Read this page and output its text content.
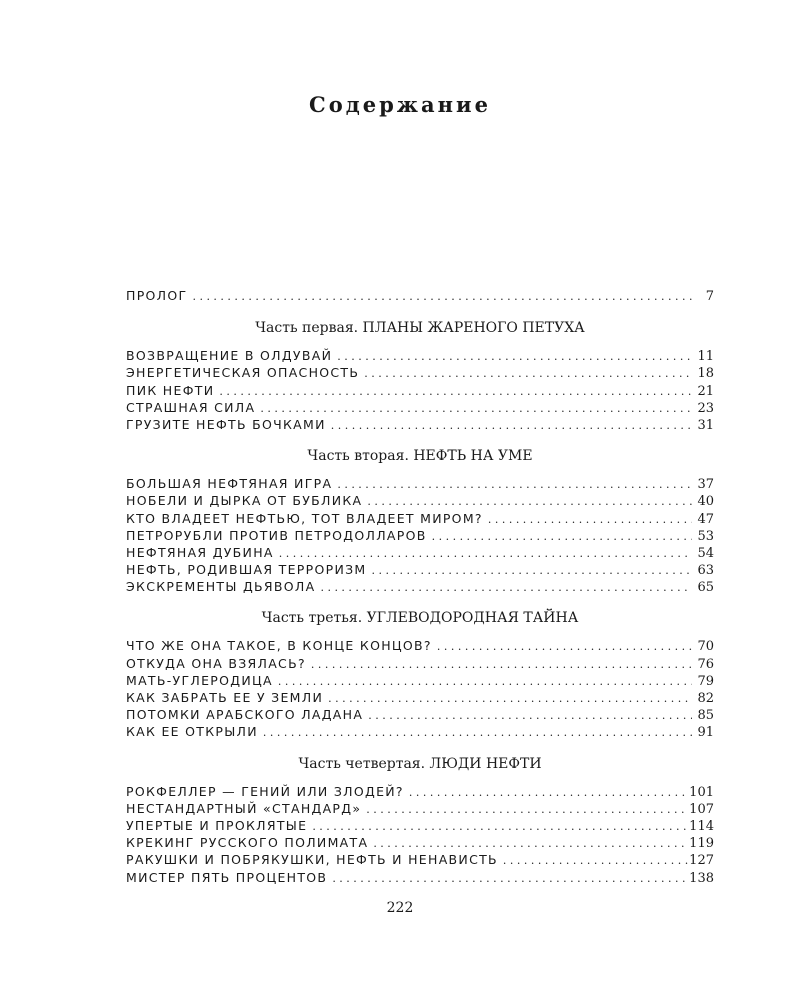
Содержание
ПРОЛОГ . . .	7
Часть первая. ПЛАНЫ ЖАРЕНОГО ПЕТУХА
ВОЗВРАЩЕНИЕ В ОЛДУВАЙ . . .	11
ЭНЕРГЕТИЧЕСКАЯ ОПАСНОСТЬ . . .	18
ПИК НЕФТИ . . .	21
СТРАШНАЯ СИЛА . . .	23
ГРУЗИТЕ НЕФТЬ БОЧКАМИ . . .	31
Часть вторая. НЕФТЬ НА УМЕ
БОЛЬШАЯ НЕФТЯНАЯ ИГРА . . .	37
НОБЕЛИ И ДЫРКА ОТ БУБЛИКА . . .	40
КТО ВЛАДЕЕТ НЕФТЬЮ, ТОТ ВЛАДЕЕТ МИРОМ? . . .	47
ПЕТРОРУБЛИ ПРОТИВ ПЕТРОДОЛЛАРОВ . . .	53
НЕФТЯНАЯ ДУБИНА . . .	54
НЕФТЬ, РОДИВШАЯ ТЕРРОРИЗМ . . .	63
ЭКСКРЕМЕНТЫ ДЬЯВОЛА . . .	65
Часть третья. УГЛЕВОДОРОДНАЯ ТАЙНА
ЧТО ЖЕ ОНА ТАКОЕ, В КОНЦЕ КОНЦОВ? . . .	70
ОТКУДА ОНА ВЗЯЛАСЬ? . . .	76
МАТЬ-УГЛЕРОДИЦА . . .	79
КАК ЗАБРАТЬ ЕЕ У ЗЕМЛИ . . .	82
ПОТОМКИ АРАБСКОГО ЛАДАНА . . .	85
КАК ЕЕ ОТКРЫЛИ . . .	91
Часть четвертая. ЛЮДИ НЕФТИ
РОКФЕЛЛЕР — ГЕНИЙ ИЛИ ЗЛОДЕЙ? . . .	101
НЕСТАНДАРТНЫЙ «СТАНДАРД» . . .	107
УПЕРТЫЕ И ПРОКЛЯТЫЕ . . .	114
КРЕКИНГ РУССКОГО ПОЛИМАТА . . .	119
РАКУШКИ И ПОБРЯКУШКИ, НЕФТЬ И НЕНАВИСТЬ . . .	127
МИСТЕР ПЯТЬ ПРОЦЕНТОВ . . .	138
222
